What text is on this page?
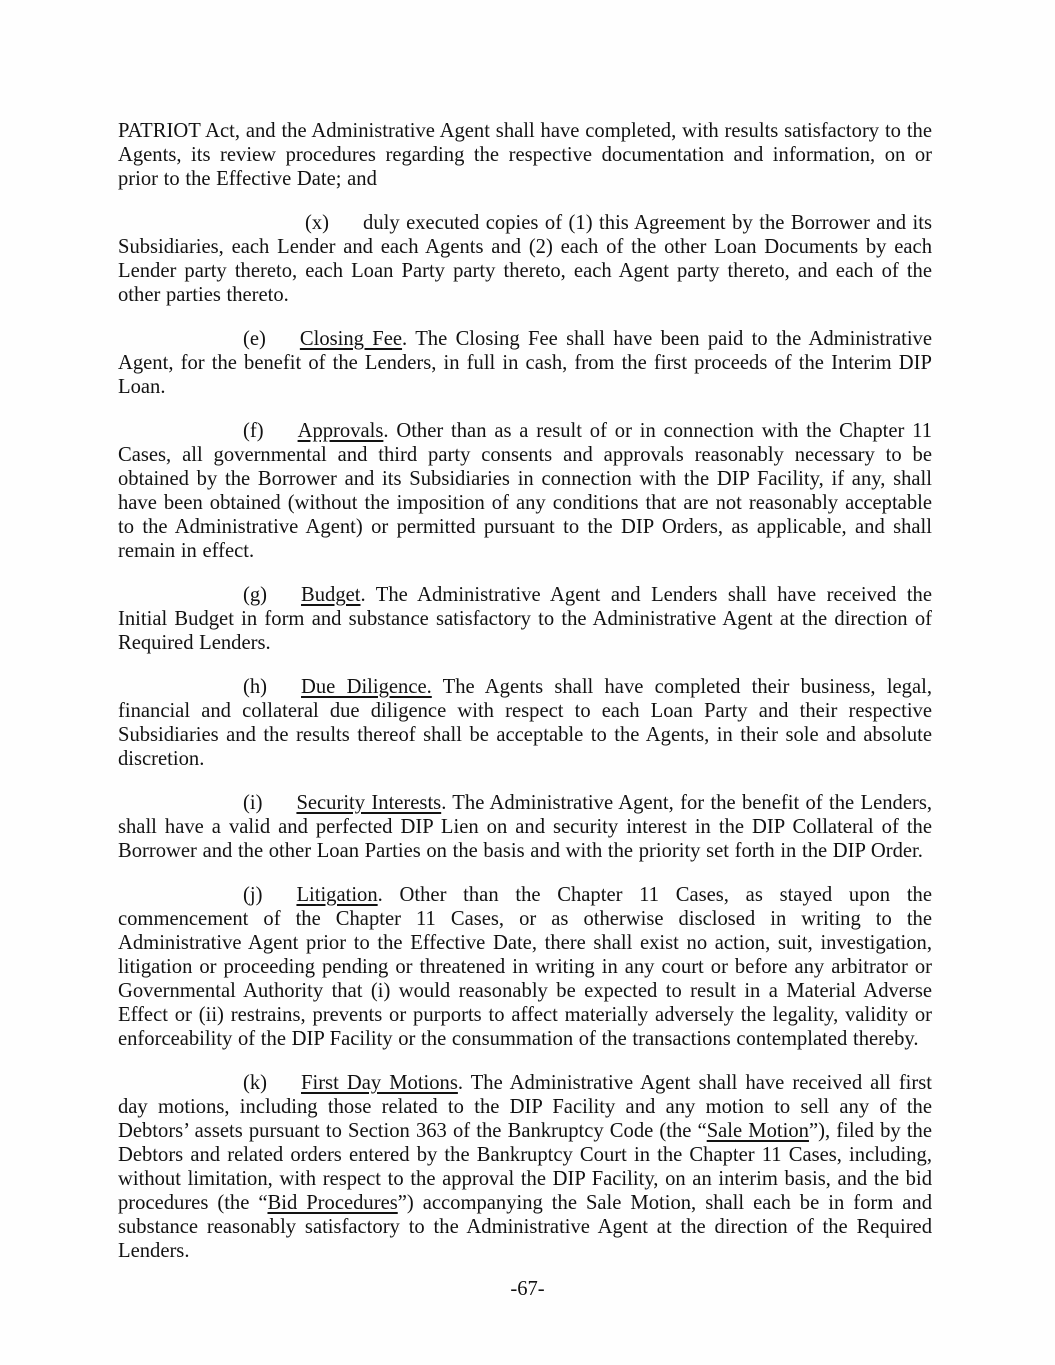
PATRIOT Act, and the Administrative Agent shall have completed, with results satisfactory to the Agents, its review procedures regarding the respective documentation and information, on or prior to the Effective Date; and

(x) duly executed copies of (1) this Agreement by the Borrower and its Subsidiaries, each Lender and each Agents and (2) each of the other Loan Documents by each Lender party thereto, each Loan Party party thereto, each Agent party thereto, and each of the other parties thereto.

(e) Closing Fee. The Closing Fee shall have been paid to the Administrative Agent, for the benefit of the Lenders, in full in cash, from the first proceeds of the Interim DIP Loan.

(f) Approvals. Other than as a result of or in connection with the Chapter 11 Cases, all governmental and third party consents and approvals reasonably necessary to be obtained by the Borrower and its Subsidiaries in connection with the DIP Facility, if any, shall have been obtained (without the imposition of any conditions that are not reasonably acceptable to the Administrative Agent) or permitted pursuant to the DIP Orders, as applicable, and shall remain in effect.

(g) Budget. The Administrative Agent and Lenders shall have received the Initial Budget in form and substance satisfactory to the Administrative Agent at the direction of Required Lenders.

(h) Due Diligence. The Agents shall have completed their business, legal, financial and collateral due diligence with respect to each Loan Party and their respective Subsidiaries and the results thereof shall be acceptable to the Agents, in their sole and absolute discretion.

(i) Security Interests. The Administrative Agent, for the benefit of the Lenders, shall have a valid and perfected DIP Lien on and security interest in the DIP Collateral of the Borrower and the other Loan Parties on the basis and with the priority set forth in the DIP Order.

(j) Litigation. Other than the Chapter 11 Cases, as stayed upon the commencement of the Chapter 11 Cases, or as otherwise disclosed in writing to the Administrative Agent prior to the Effective Date, there shall exist no action, suit, investigation, litigation or proceeding pending or threatened in writing in any court or before any arbitrator or Governmental Authority that (i) would reasonably be expected to result in a Material Adverse Effect or (ii) restrains, prevents or purports to affect materially adversely the legality, validity or enforceability of the DIP Facility or the consummation of the transactions contemplated thereby.

(k) First Day Motions. The Administrative Agent shall have received all first day motions, including those related to the DIP Facility and any motion to sell any of the Debtors’ assets pursuant to Section 363 of the Bankruptcy Code (the “Sale Motion”), filed by the Debtors and related orders entered by the Bankruptcy Court in the Chapter 11 Cases, including, without limitation, with respect to the approval the DIP Facility, on an interim basis, and the bid procedures (the “Bid Procedures”) accompanying the Sale Motion, shall each be in form and substance reasonably satisfactory to the Administrative Agent at the direction of the Required Lenders.

-67-
